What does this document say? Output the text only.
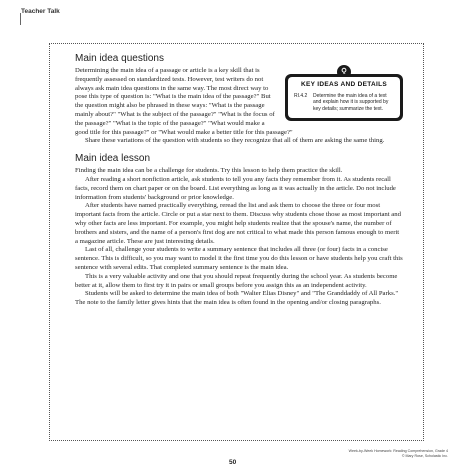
Teacher Talk
Main idea questions
KEY IDEAS AND DETAILS
RI.4.2	Determine the main idea of a text and explain how it is supported by key details; summarize the text.

Determining the main idea of a passage or article is a key skill that is frequently assessed on standardized tests. However, test writers do not always ask main idea questions in the same way. The most direct way to pose this type of question is: "What is the main idea of the passage?" But the question might also be phrased in these ways: "What is the passage mainly about?" "What is the subject of the passage?" "What is the focus of the passage?" "What is the topic of the passage?" "What would make a good title for this passage?" or "What would make a better title for this passage?"

Share these variations of the question with students so they recognize that all of them are asking the same thing.

Main idea lesson

Finding the main idea can be a challenge for students. Try this lesson to help them practice the skill.

After reading a short nonfiction article, ask students to tell you any facts they remember from it. As students recall facts, record them on chart paper or on the board. List everything as long as it was actually in the article. Do not include information from students' background or prior knowledge.

After students have named practically everything, reread the list and ask them to choose the three or four most important facts from the article. Circle or put a star next to them. Discuss why students chose those as most important and why other facts are less important. For example, you might help students realize that the spouse's name, the number of brothers and sisters, and the name of a person's first dog are not critical to what made this person famous enough to merit a magazine article. These are just interesting details.

Last of all, challenge your students to write a summary sentence that includes all three (or four) facts in a concise sentence. This is difficult, so you may want to model it the first time you do this lesson or have students help you craft this sentence with several edits. That completed summary sentence is the main idea.

This is a very valuable activity and one that you should repeat frequently during the school year. As students become better at it, allow them to first try it in pairs or small groups before you assign this as an independent activity.

Students will be asked to determine the main idea of both "Walter Elias Disney" and "The Granddaddy of All Parks." The note to the family letter gives hints that the main idea is often found in the opening and/or closing paragraphs.

Week-by-Week Homework: Reading Comprehension, Grade 4
© Mary Rose, Scholastic Inc.
50
